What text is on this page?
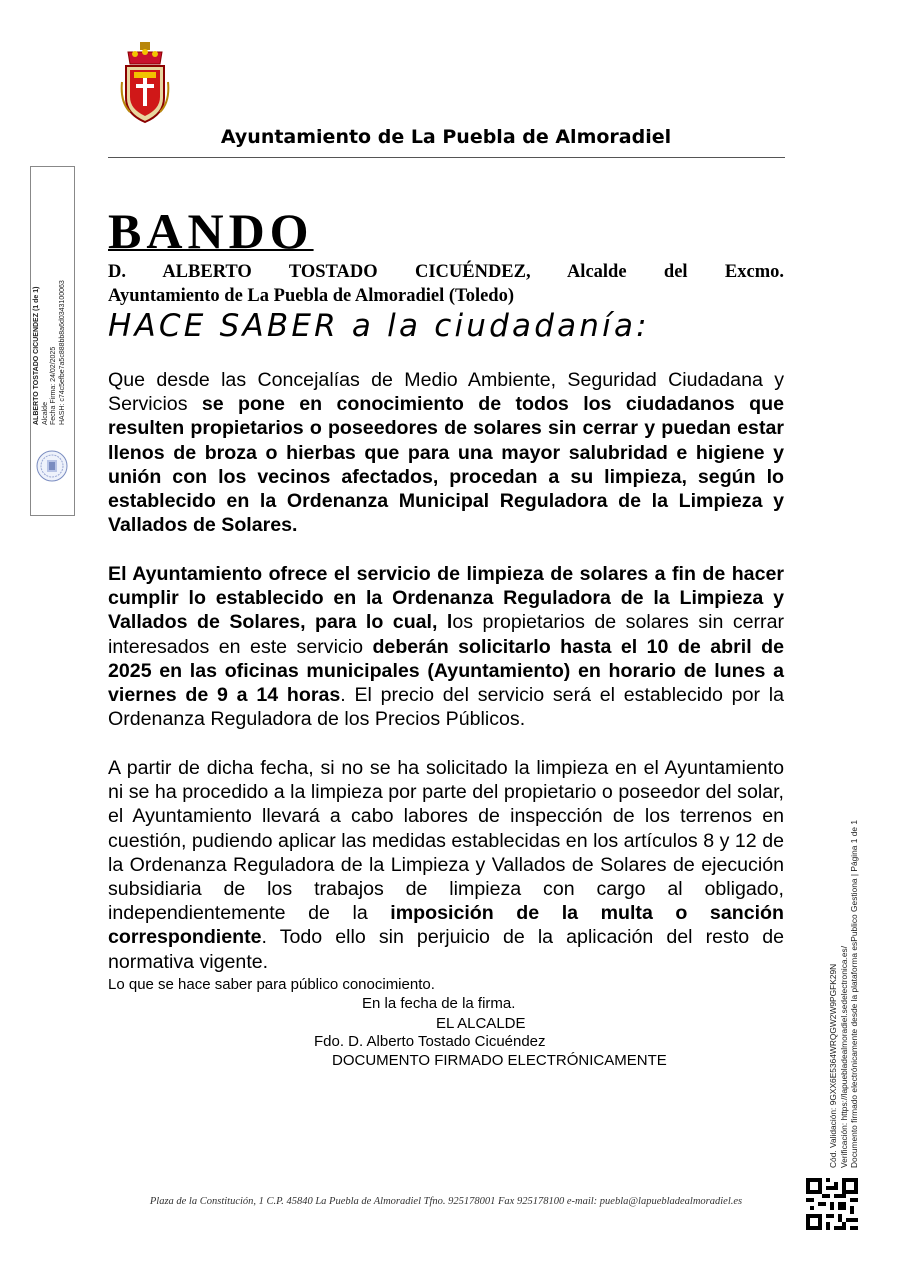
Ayuntamiento de La Puebla de Almoradiel
ALBERTO TOSTADO CICUENDEZ (1 de 1) Alcalde Fecha Firma: 24/02/2025 HASH: c74c5efbe7a5c888bb8a6d0343100063
BANDO
D. ALBERTO TOSTADO CICUÉNDEZ, Alcalde del Excmo.
Ayuntamiento de La Puebla de Almoradiel (Toledo)
HACE SABER a la ciudadanía:
Que desde las Concejalías de Medio Ambiente, Seguridad Ciudadana y Servicios se pone en conocimiento de todos los ciudadanos que resulten propietarios o poseedores de solares sin cerrar y puedan estar llenos de broza o hierbas que para una mayor salubridad e higiene y unión con los vecinos afectados, procedan a su limpieza, según lo establecido en la Ordenanza Municipal Reguladora de la Limpieza y Vallados de Solares.
El Ayuntamiento ofrece el servicio de limpieza de solares a fin de hacer cumplir lo establecido en la Ordenanza Reguladora de la Limpieza y Vallados de Solares, para lo cual, los propietarios de solares sin cerrar interesados en este servicio deberán solicitarlo hasta el 10 de abril de 2025 en las oficinas municipales (Ayuntamiento) en horario de lunes a viernes de 9 a 14 horas. El precio del servicio será el establecido por la Ordenanza Reguladora de los Precios Públicos.
A partir de dicha fecha, si no se ha solicitado la limpieza en el Ayuntamiento ni se ha procedido a la limpieza por parte del propietario o poseedor del solar, el Ayuntamiento llevará a cabo labores de inspección de los terrenos en cuestión, pudiendo aplicar las medidas establecidas en los artículos 8 y 12 de la Ordenanza Reguladora de la Limpieza y Vallados de Solares de ejecución subsidiaria de los trabajos de limpieza con cargo al obligado, independientemente de la imposición de la multa o sanción correspondiente. Todo ello sin perjuicio de la aplicación del resto de normativa vigente.
Lo que se hace saber para público conocimiento.
En la fecha de la firma.
EL ALCALDE
Fdo. D. Alberto Tostado Cicuéndez
DOCUMENTO FIRMADO ELECTRÓNICAMENTE	Cód. Validación: 9GXX6E5364WRQGW2W9PGFK29N Verificación: https://lapuebladealmoradiel.sedelectronica.es/ Documento firmado electrónicamente desde la plataforma esPublico Gestiona | Página 1 de 1
Plaza de la Constitución, 1 C.P. 45840 La Puebla de Almoradiel Tfno. 925178001 Fax 925178100 e-mail: puebla@lapuebladealmoradiel.es
